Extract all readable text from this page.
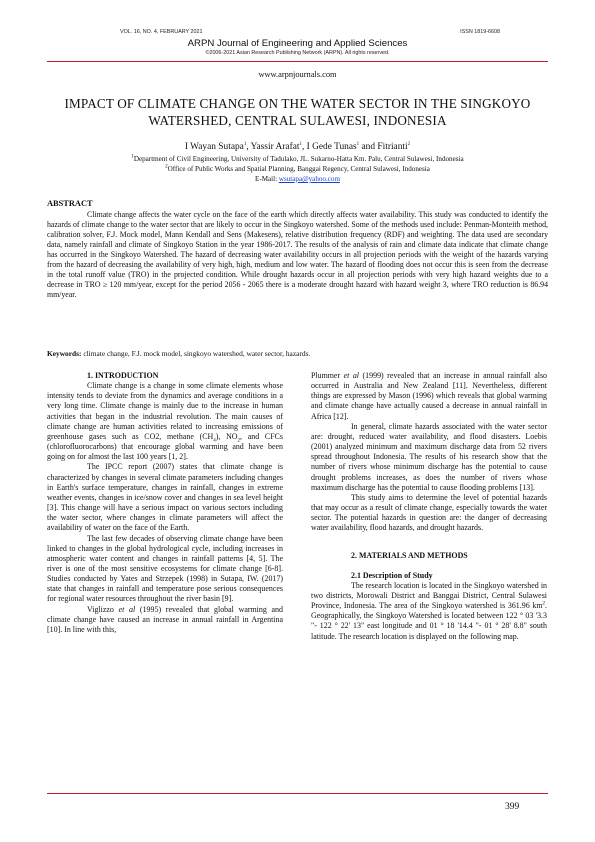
VOL. 16, NO. 4, FEBRUARY 2021	ISSN 1819-6608
ARPN Journal of Engineering and Applied Sciences
©2006-2021 Asian Research Publishing Network (ARPN). All rights reserved.
www.arpnjournals.com
IMPACT OF CLIMATE CHANGE ON THE WATER SECTOR IN THE SINGKOYO WATERSHED, CENTRAL SULAWESI, INDONESIA
I Wayan Sutapa$^1$, Yassir Arafat$^1$, I Gede Tunas$^1$ and Fitrianti$^2$
$^1$Department of Civil Engineering, University of Tadulako, JL. Sukarno-Hatta Km. Palu, Central Sulawesi, Indonesia
$^2$Office of Public Works and Spatial Planning, Banggai Regency, Central Sulawesi, Indonesia
E-Mail: wsutapa@yahoo.com
ABSTRACT

Climate change affects the water cycle on the face of the earth which directly affects water availability. This study was conducted to identify the hazards of climate change to the water sector that are likely to occur in the Singkoyo watershed. Some of the methods used include: Penman-Monteith method, calibration solver, F.J. Mock model, Mann Kendall and Sens (Makesens), relative distribution frequency (RDF) and weighting. The data used are secondary data, namely rainfall and climate of Singkoyo Station in the year 1986-2017. The results of the analysis of rain and climate data indicate that climate change has occurred in the Singkoyo Watershed. The hazard of decreasing water availability occurs in all projection periods with the weight of the hazards varying from the hazard of decreasing the availability of very high, high, medium and low water. The hazard of flooding does not occur this is seen from the decrease in the total runoff value (TRO) in the projected condition. While drought hazards occur in all projection periods with very high hazard weights due to a decrease in TRO ≥ 120 mm/year, except for the period 2056 - 2065 there is a moderate drought hazard with hazard weight 3, where TRO reduction is 86.94 mm/year.

Keywords: climate change, F.J. mock model, singkoyo watershed, water sector, hazards.

1. INTRODUCTION

Climate change is a change in some climate elements whose intensity tends to deviate from the dynamics and average conditions in a very long time. Climate change is mainly due to the increase in human activities that began in the industrial revolution. The main causes of climate change are human activities related to increasing emissions of greenhouse gases such as CO2, methane $(CH_4)$, $NO_2$, and CFCs (chlorofluorocarbons) that encourage global warming and have been going on for almost the last 100 years [1, 2].

The IPCC report (2007) states that climate change is characterized by changes in several climate parameters including changes in Earth's surface temperature, changes in rainfall, changes in extreme weather events, changes in ice/snow cover and changes in sea level height [3]. This change will have a serious impact on various sectors including the water sector, where changes in climate parameters will affect the availability of water on the face of the Earth.

The last few decades of observing climate change have been linked to changes in the global hydrological cycle, including increases in atmospheric water content and changes in rainfall patterns [4, 5]. The river is one of the most sensitive ecosystems for climate change [6-8]. Studies conducted by Yates and Strzepek (1998) in Sutapa, IW. (2017) state that changes in rainfall and temperature pose serious consequences for regional water resources throughout the river basin [9].

Viglizzo et al (1995) revealed that global warming and climate change have caused an increase in annual rainfall in Argentina [10]. In line with this,

Plummer et al (1999) revealed that an increase in annual rainfall also occurred in Australia and New Zealand [11]. Nevertheless, different things are expressed by Mason (1996) which reveals that global warming and climate change have actually caused a decrease in annual rainfall in Africa [12].

In general, climate hazards associated with the water sector are: drought, reduced water availability, and flood disasters. Loebis (2001) analyzed minimum and maximum discharge data from 52 rivers spread throughout Indonesia. The results of his research show that the number of rivers whose minimum discharge has the potential to cause drought problems increases, as does the number of rivers whose maximum discharge has the potential to cause flooding problems [13].

This study aims to determine the level of potential hazards that may occur as a result of climate change, especially towards the water sector. The potential hazards in question are: the danger of decreasing water availability, flood hazards, and drought hazards.

2. MATERIALS AND METHODS

2.1 Description of Study

The research location is located in the Singkoyo watershed in two districts, Morowali District and Banggai District, Central Sulawesi Province, Indonesia. The area of the Singkoyo watershed is 361.96 $km^2$. Geographically, the Singkoyo Watershed is located between 122 ° 03 '3.3 "- 122 ° 22' 13" east longitude and 01 ° 18 '14.4 "- 01 ° 28' 8.8" south latitude. The research location is displayed on the following map.

399
